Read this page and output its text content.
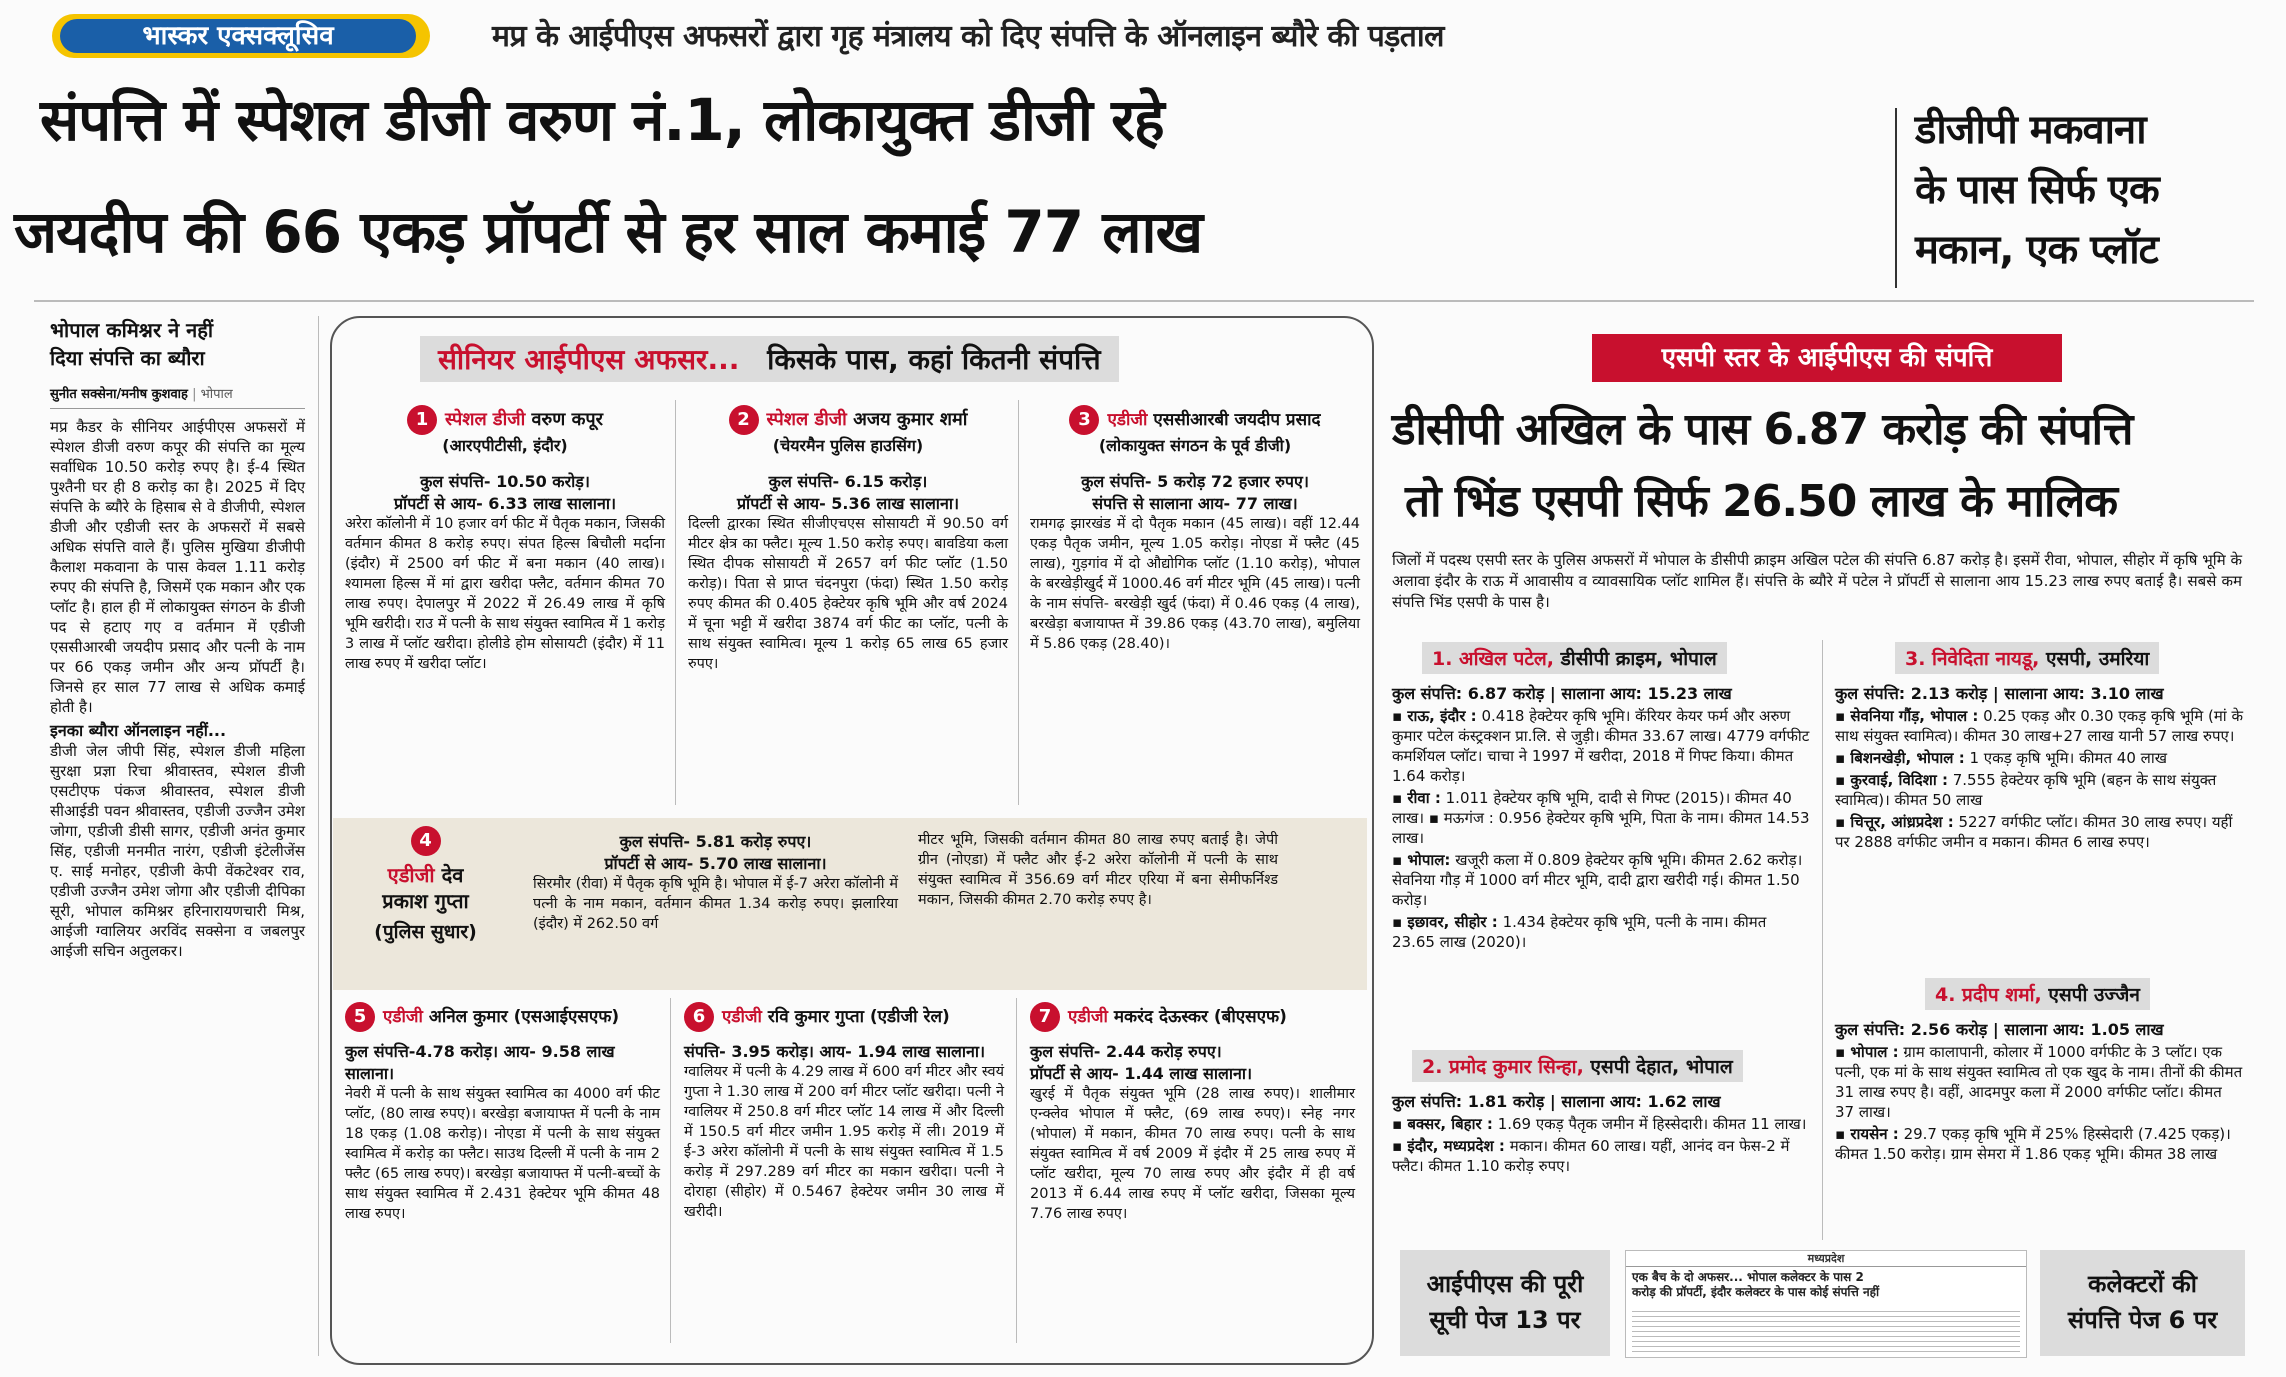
भास्कर एक्सक्लूसिव	मप्र के आईपीएस अफसरों द्वारा गृह मंत्रालय को दिए संपत्ति के ऑनलाइन ब्यौरे की पड़ताल
संपत्ति में स्पेशल डीजी वरुण नं.1, लोकायुक्त डीजी रहे
जयदीप की 66 एकड़ प्रॉपर्टी से हर साल कमाई 77 लाख
डीजीपी मकवाना
के पास सिर्फ एक
मकान, एक प्लॉट
भोपाल कमिश्नर ने नहीं
दिया संपत्ति का ब्यौरा
सुनीत सक्सेना/मनीष कुशवाह | भोपाल
मप्र कैडर के सीनियर आईपीएस अफसरों में स्पेशल डीजी वरुण कपूर की संपत्ति का मूल्य सर्वाधिक 10.50 करोड़ रुपए है। ई-4 स्थित पुश्तैनी घर ही 8 करोड़ का है। 2025 में दिए संपत्ति के ब्यौरे के हिसाब से वे डीजीपी, स्पेशल डीजी और एडीजी स्तर के अफसरों में सबसे अधिक संपत्ति वाले हैं। पुलिस मुखिया डीजीपी कैलाश मकवाना के पास केवल 1.11 करोड़ रुपए की संपत्ति है, जिसमें एक मकान और एक प्लॉट है। हाल ही में लोकायुक्त संगठन के डीजी पद से हटाए गए व वर्तमान में एडीजी एससीआरबी जयदीप प्रसाद और पत्नी के नाम पर 66 एकड़ जमीन और अन्य प्रॉपर्टी है। जिनसे हर साल 77 लाख से अधिक कमाई होती है।
इनका ब्यौरा ऑनलाइन नहीं...
डीजी जेल जीपी सिंह, स्पेशल डीजी महिला सुरक्षा प्रज्ञा रिचा श्रीवास्तव, स्पेशल डीजी एसटीएफ पंकज श्रीवास्तव, स्पेशल डीजी सीआईडी पवन श्रीवास्तव, एडीजी उज्जैन उमेश जोगा, एडीजी डीसी सागर, एडीजी अनंत कुमार सिंह, एडीजी मनमीत नारंग, एडीजी इंटेलीजेंस ए. साई मनोहर, एडीजी केपी वेंकटेश्वर राव, एडीजी उज्जैन उमेश जोगा और एडीजी दीपिका सूरी, भोपाल कमिश्नर हरिनारायणचारी मिश्र, आईजी ग्वालियर अरविंद सक्सेना व जबलपुर आईजी सचिन अतुलकर।
सीनियर आईपीएस अफसर... किसके पास, कहां कितनी संपत्ति
1 स्पेशल डीजी वरुण कपूर
(आरएपीटीसी, इंदौर)
कुल संपत्ति- 10.50 करोड़।
प्रॉपर्टी से आय- 6.33 लाख सालाना।
अरेरा कॉलोनी में 10 हजार वर्ग फीट में पैतृक मकान, जिसकी वर्तमान कीमत 8 करोड़ रुपए। संपत हिल्स बिचौली मर्दाना (इंदौर) में 2500 वर्ग फीट में बना मकान (40 लाख)। श्यामला हिल्स में मां द्वारा खरीदा फ्लैट, वर्तमान कीमत 70 लाख रुपए। देपालपुर में 2022 में 26.49 लाख में कृषि भूमि खरीदी। राउ में पत्नी के साथ संयुक्त स्वामित्व में 1 करोड़ 3 लाख में प्लॉट खरीदा। होलीडे होम सोसायटी (इंदौर) में 11 लाख रुपए में खरीदा प्लॉट।
2 स्पेशल डीजी अजय कुमार शर्मा
(चेयरमैन पुलिस हाउसिंग)
कुल संपत्ति- 6.15 करोड़।
प्रॉपर्टी से आय- 5.36 लाख सालाना।
दिल्ली द्वारका स्थित सीजीएचएस सोसायटी में 90.50 वर्ग मीटर क्षेत्र का फ्लैट। मूल्य 1.50 करोड़ रुपए। बावडिया कला स्थित दीपक सोसायटी में 2657 वर्ग फीट प्लॉट (1.50 करोड़)। पिता से प्राप्त चंदनपुरा (फंदा) स्थित 1.50 करोड़ रुपए कीमत की 0.405 हेक्टेयर कृषि भूमि और वर्ष 2024 में चूना भट्टी में खरीदा 3874 वर्ग फीट का प्लॉट, पत्नी के साथ संयुक्त स्वामित्व। मूल्य 1 करोड़ 65 लाख 65 हजार रुपए।
3 एडीजी एससीआरबी जयदीप प्रसाद
(लोकायुक्त संगठन के पूर्व डीजी)
कुल संपत्ति- 5 करोड़ 72 हजार रुपए।
संपत्ति से सालाना आय- 77 लाख।
रामगढ़ झारखंड में दो पैतृक मकान (45 लाख)। वहीं 12.44 एकड़ पैतृक जमीन, मूल्य 1.05 करोड़। नोएडा में फ्लैट (45 लाख), गुड़गांव में दो औद्योगिक प्लॉट (1.10 करोड़), भोपाल के बरखेड़ीखुर्द में 1000.46 वर्ग मीटर भूमि (45 लाख)। पत्नी के नाम संपत्ति- बरखेड़ी खुर्द (फंदा) में 0.46 एकड़ (4 लाख), बरखेड़ा बजायाफ्त में 39.86 एकड़ (43.70 लाख), बमुलिया में 5.86 एकड़ (28.40)।
4
एडीजी देव
प्रकाश गुप्ता
(पुलिस सुधार)
कुल संपत्ति- 5.81 करोड़ रुपए।
प्रॉपर्टी से आय- 5.70 लाख सालाना।
सिरमौर (रीवा) में पैतृक कृषि भूमि है। भोपाल में ई-7 अरेरा कॉलोनी में पत्नी के नाम मकान, वर्तमान कीमत 1.34 करोड़ रुपए। झलारिया (इंदौर) में 262.50 वर्ग
मीटर भूमि, जिसकी वर्तमान कीमत 80 लाख रुपए बताई है। जेपी ग्रीन (नोएडा) में फ्लैट और ई-2 अरेरा कॉलोनी में पत्नी के साथ संयुक्त स्वामित्व में 356.69 वर्ग मीटर एरिया में बना सेमीफर्निश्ड मकान, जिसकी कीमत 2.70 करोड़ रुपए है।
5 एडीजी अनिल कुमार (एसआईएसएफ)
कुल संपत्ति-4.78 करोड़। आय- 9.58 लाख सालाना।
नेवरी में पत्नी के साथ संयुक्त स्वामित्व का 4000 वर्ग फीट प्लॉट, (80 लाख रुपए)। बरखेड़ा बजायाफ्त में पत्नी के नाम 18 एकड़ (1.08 करोड़)। नोएडा में पत्नी के साथ संयुक्त स्वामित्व में करोड़ का फ्लैट। साउथ दिल्ली में पत्नी के नाम 2 फ्लैट (65 लाख रुपए)। बरखेड़ा बजायाफ्त में पत्नी-बच्चों के साथ संयुक्त स्वामित्व में 2.431 हेक्टेयर भूमि कीमत 48 लाख रुपए।
6 एडीजी रवि कुमार गुप्ता (एडीजी रेल)
संपत्ति- 3.95 करोड़। आय- 1.94 लाख सालाना।
ग्वालियर में पत्नी के 4.29 लाख में 600 वर्ग मीटर और स्वयं गुप्ता ने 1.30 लाख में 200 वर्ग मीटर प्लॉट खरीदा। पत्नी ने ग्वालियर में 250.8 वर्ग मीटर प्लॉट 14 लाख में और दिल्ली में 150.5 वर्ग मीटर जमीन 1.95 करोड़ में ली। 2019 में ई-3 अरेरा कॉलोनी में पत्नी के साथ संयुक्त स्वामित्व में 1.5 करोड़ में 297.289 वर्ग मीटर का मकान खरीदा। पत्नी ने दोराहा (सीहोर) में 0.5467 हेक्टेयर जमीन 30 लाख में खरीदी।
7 एडीजी मकरंद देऊस्कर (बीएसएफ)
कुल संपत्ति- 2.44 करोड़ रुपए।
प्रॉपर्टी से आय- 1.44 लाख सालाना।
खुरई में पैतृक संयुक्त भूमि (28 लाख रुपए)। शालीमार एन्क्लेव भोपाल में फ्लैट, (69 लाख रुपए)। स्नेह नगर (भोपाल) में मकान, कीमत 70 लाख रुपए। पत्नी के साथ संयुक्त स्वामित्व में वर्ष 2009 में इंदौर में 25 लाख रुपए में प्लॉट खरीदा, मूल्य 70 लाख रुपए और इंदौर में ही वर्ष 2013 में 6.44 लाख रुपए में प्लॉट खरीदा, जिसका मूल्य 7.76 लाख रुपए।
एसपी स्तर के आईपीएस की संपत्ति
डीसीपी अखिल के पास 6.87 करोड़ की संपत्ति
तो भिंड एसपी सिर्फ 26.50 लाख के मालिक
जिलों में पदस्थ एसपी स्तर के पुलिस अफसरों में भोपाल के डीसीपी क्राइम अखिल पटेल की संपत्ति 6.87 करोड़ है। इसमें रीवा, भोपाल, सीहोर में कृषि भूमि के अलावा इंदौर के राऊ में आवासीय व व्यावसायिक प्लॉट शामिल हैं। संपत्ति के ब्यौरे में पटेल ने प्रॉपर्टी से सालाना आय 15.23 लाख रुपए बताई है। सबसे कम संपत्ति भिंड एसपी के पास है।
1. अखिल पटेल, डीसीपी क्राइम, भोपाल
कुल संपत्ति: 6.87 करोड़ | सालाना आय: 15.23 लाख

▪ राऊ, इंदौर : 0.418 हेक्टेयर कृषि भूमि। कॅरियर केयर फर्म और अरुण कुमार पटेल कंस्ट्रक्शन प्रा.लि. से जुड़ी। कीमत 33.67 लाख। 4779 वर्गफीट कमर्शियल प्लॉट। चाचा ने 1997 में खरीदा, 2018 में गिफ्ट किया। कीमत 1.64 करोड़।

▪ रीवा : 1.011 हेक्टेयर कृषि भूमि, दादी से गिफ्ट (2015)। कीमत 40 लाख। ▪ मऊगंज : 0.956 हेक्टेयर कृषि भूमि, पिता के नाम। कीमत 14.53 लाख।

▪ भोपाल: खजूरी कला में 0.809 हेक्टेयर कृषि भूमि। कीमत 2.62 करोड़। सेवनिया गौड़ में 1000 वर्ग मीटर भूमि, दादी द्वारा खरीदी गई। कीमत 1.50 करोड़।

▪ इछावर, सीहोर : 1.434 हेक्टेयर कृषि भूमि, पत्नी के नाम। कीमत 23.65 लाख (2020)।

2. प्रमोद कुमार सिन्हा, एसपी देहात, भोपाल
कुल संपत्ति: 1.81 करोड़ | सालाना आय: 1.62 लाख

▪ बक्सर, बिहार : 1.69 एकड़ पैतृक जमीन में हिस्सेदारी। कीमत 11 लाख।

▪ इंदौर, मध्यप्रदेश : मकान। कीमत 60 लाख। यहीं, आनंद वन फेस-2 में फ्लैट। कीमत 1.10 करोड़ रुपए।

3. निवेदिता नायडू, एसपी, उमरिया
कुल संपत्ति: 2.13 करोड़ | सालाना आय: 3.10 लाख

▪ सेवनिया गौंड़, भोपाल : 0.25 एकड़ और 0.30 एकड़ कृषि भूमि (मां के साथ संयुक्त स्वामित्व)। कीमत 30 लाख+27 लाख यानी 57 लाख रुपए।

▪ बिशनखेड़ी, भोपाल : 1 एकड़ कृषि भूमि। कीमत 40 लाख

▪ कुरवाई, विदिशा : 7.555 हेक्टेयर कृषि भूमि (बहन के साथ संयुक्त स्वामित्व)। कीमत 50 लाख

▪ चित्तूर, आंध्रप्रदेश : 5227 वर्गफीट प्लॉट। कीमत 30 लाख रुपए। यहीं पर 2888 वर्गफीट जमीन व मकान। कीमत 6 लाख रुपए।

4. प्रदीप शर्मा, एसपी उज्जैन
कुल संपत्ति: 2.56 करोड़ | सालाना आय: 1.05 लाख

▪ भोपाल : ग्राम कालापानी, कोलार में 1000 वर्गफीट के 3 प्लॉट। एक पत्नी, एक मां के साथ संयुक्त स्वामित्व तो एक खुद के नाम। तीनों की कीमत 31 लाख रुपए है। वहीं, आदमपुर कला में 2000 वर्गफीट प्लॉट। कीमत 37 लाख।

▪ रायसेन : 29.7 एकड़ कृषि भूमि में 25% हिस्सेदारी (7.425 एकड़)। कीमत 1.50 करोड़। ग्राम सेमरा में 1.86 एकड़ भूमि। कीमत 38 लाख

आईपीएस की पूरी
सूची पेज 13 पर
मध्यप्रदेश
एक बैच के दो अफसर... भोपाल कलेक्टर के पास 2
करोड़ की प्रॉपर्टी, इंदौर कलेक्टर के पास कोई संपत्ति नहीं	कलेक्टरों की
संपत्ति पेज 6 पर
